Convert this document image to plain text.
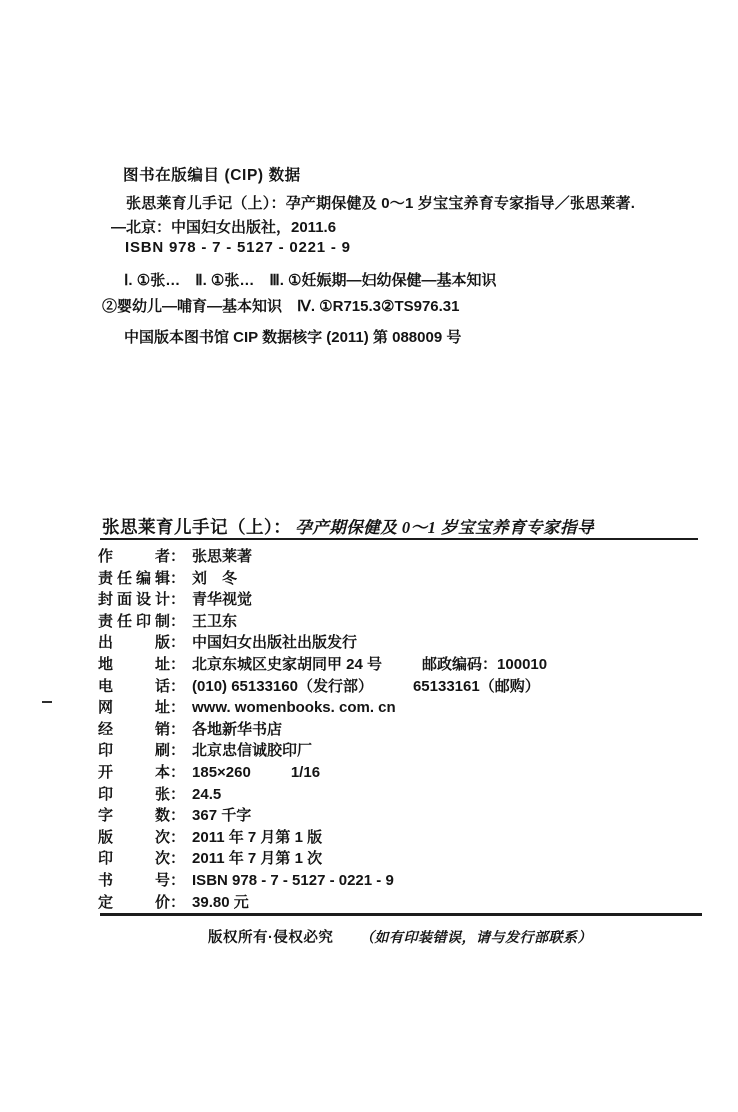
图书在版编目 (CIP) 数据
张思莱育儿手记（上）：孕产期保健及 0～1 岁宝宝养育专家指导／张思莱著.
—北京：中国妇女出版社，2011.6
ISBN 978 - 7 - 5127 - 0221 - 9
Ⅰ. ①张…　Ⅱ. ①张…　Ⅲ. ①妊娠期—妇幼保健—基本知识
②婴幼儿—哺育—基本知识　Ⅳ. ①R715.3②TS976.31
中国版本图书馆 CIP 数据核字 (2011) 第 088009 号
张思莱育儿手记（上）： 孕产期保健及 0～1 岁宝宝养育专家指导
作者： 张思莱著
责任编辑： 刘　冬
封面设计： 青华视觉
责任印制： 王卫东
出版： 中国妇女出版社出版发行
地址： 北京东城区史家胡同甲 24 号	邮政编码：100010
电话： (010) 65133160（发行部）	65133161（邮购）
网址： www. womenbooks. com. cn
经销： 各地新华书店
印刷： 北京忠信诚胶印厂
开本： 185×260	1/16
印张： 24.5
字数： 367 千字
版次： 2011 年 7 月第 1 版
印次： 2011 年 7 月第 1 次
书号： ISBN 978 - 7 - 5127 - 0221 - 9
定价： 39.80 元
版权所有·侵权必究 （如有印装错误，请与发行部联系）
